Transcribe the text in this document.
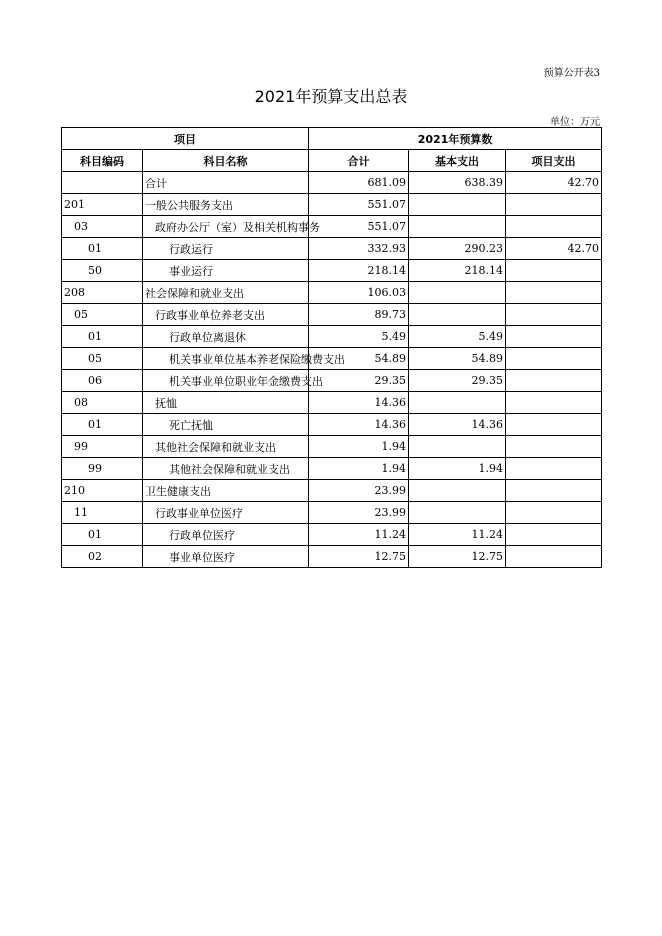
预算公开表3
2021年预算支出总表
单位：万元
项目		2021年预算数		
科目编码	科目名称	合计	基本支出	项目支出
	合计	681.09	638.39	42.70
201	一般公共服务支出	551.07		
03	政府办公厅（室）及相关机构事务	551.07		
01	行政运行	332.93	290.23	42.70
50	事业运行	218.14	218.14	
208	社会保障和就业支出	106.03		
05	行政事业单位养老支出	89.73		
01	行政单位离退休	5.49	5.49	
05	机关事业单位基本养老保险缴费支出	54.89	54.89	
06	机关事业单位职业年金缴费支出	29.35	29.35	
08	抚恤	14.36		
01	死亡抚恤	14.36	14.36	
99	其他社会保障和就业支出	1.94		
99	其他社会保障和就业支出	1.94	1.94	
210	卫生健康支出	23.99		
11	行政事业单位医疗	23.99		
01	行政单位医疗	11.24	11.24	
02	事业单位医疗	12.75	12.75	
